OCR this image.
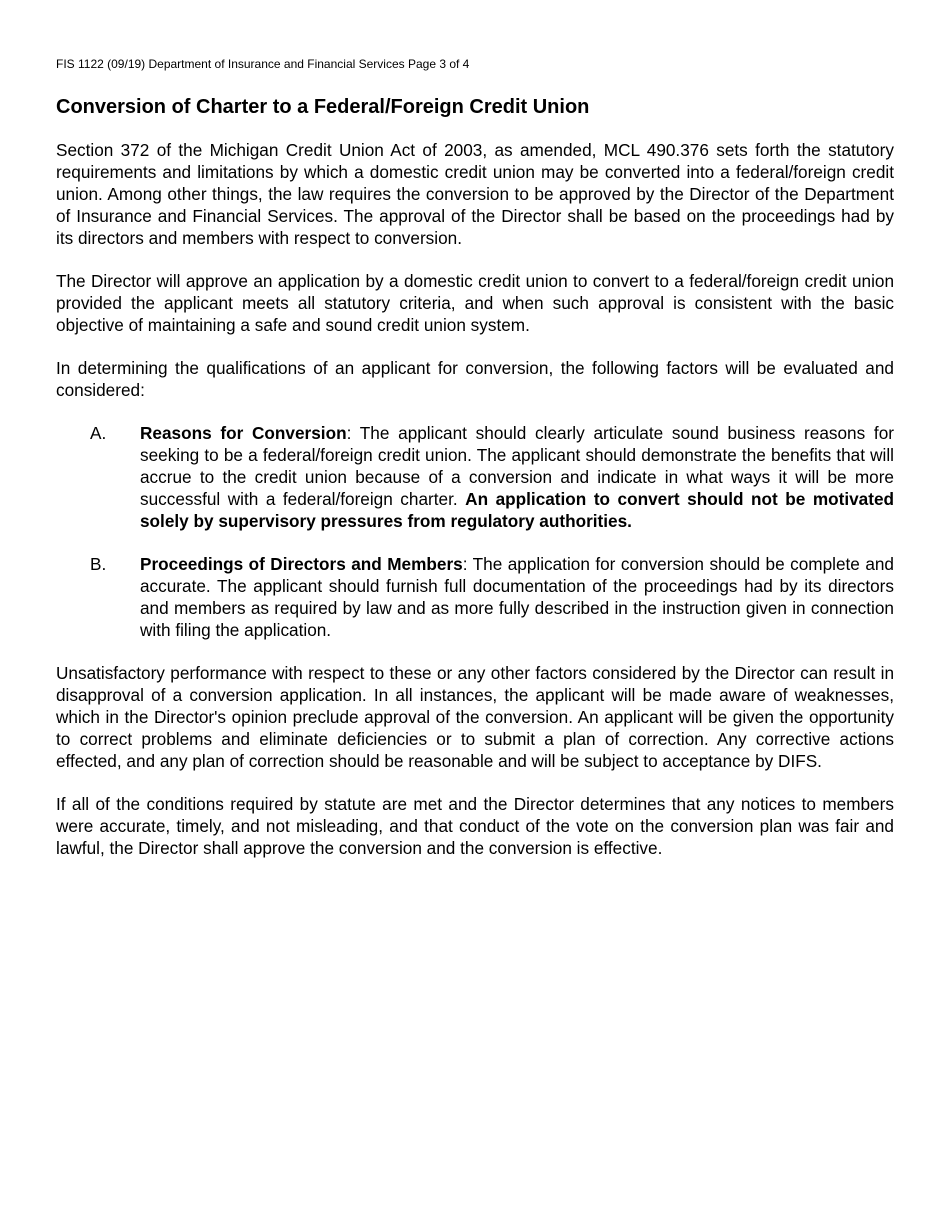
FIS 1122 (09/19) Department of Insurance and Financial Services Page 3 of 4

Conversion of Charter to a Federal/Foreign Credit Union

Section 372 of the Michigan Credit Union Act of 2003, as amended, MCL 490.376 sets forth the statutory requirements and limitations by which a domestic credit union may be converted into a federal/foreign credit union. Among other things, the law requires the conversion to be approved by the Director of the Department of Insurance and Financial Services. The approval of the Director shall be based on the proceedings had by its directors and members with respect to conversion.

The Director will approve an application by a domestic credit union to convert to a federal/foreign credit union provided the applicant meets all statutory criteria, and when such approval is consistent with the basic objective of maintaining a safe and sound credit union system.

In determining the qualifications of an applicant for conversion, the following factors will be evaluated and considered:

A. Reasons for Conversion: The applicant should clearly articulate sound business reasons for seeking to be a federal/foreign credit union. The applicant should demonstrate the benefits that will accrue to the credit union because of a conversion and indicate in what ways it will be more successful with a federal/foreign charter. An application to convert should not be motivated solely by supervisory pressures from regulatory authorities.
B. Proceedings of Directors and Members: The application for conversion should be complete and accurate. The applicant should furnish full documentation of the proceedings had by its directors and members as required by law and as more fully described in the instruction given in connection with filing the application.

Unsatisfactory performance with respect to these or any other factors considered by the Director can result in disapproval of a conversion application. In all instances, the applicant will be made aware of weaknesses, which in the Director's opinion preclude approval of the conversion. An applicant will be given the opportunity to correct problems and eliminate deficiencies or to submit a plan of correction. Any corrective actions effected, and any plan of correction should be reasonable and will be subject to acceptance by DIFS.

If all of the conditions required by statute are met and the Director determines that any notices to members were accurate, timely, and not misleading, and that conduct of the vote on the conversion plan was fair and lawful, the Director shall approve the conversion and the conversion is effective.
